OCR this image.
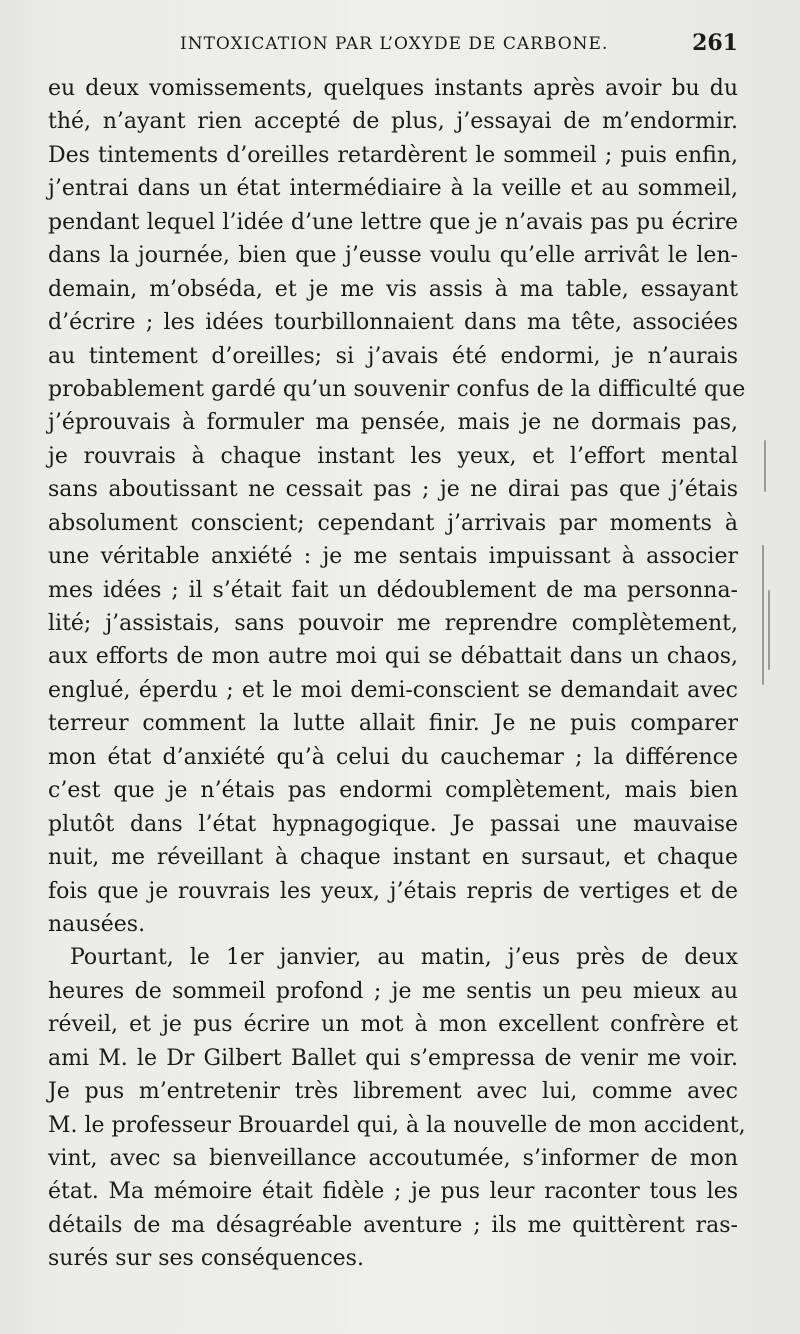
INTOXICATION PAR L’OXYDE DE CARBONE.	261
eu deux vomissements, quelques instants après avoir bu du
thé, n’ayant rien accepté de plus, j’essayai de m’endormir.
Des tintements d’oreilles retardèrent le sommeil ; puis enfin,
j’entrai dans un état intermédiaire à la veille et au sommeil,
pendant lequel l’idée d’une lettre que je n’avais pas pu écrire
dans la journée, bien que j’eusse voulu qu’elle arrivât le len-
demain, m’obséda, et je me vis assis à ma table, essayant
d’écrire ; les idées tourbillonnaient dans ma tête, associées
au tintement d’oreilles; si j’avais été endormi, je n’aurais
probablement gardé qu’un souvenir confus de la difficulté que
j’éprouvais à formuler ma pensée, mais je ne dormais pas,
je rouvrais à chaque instant les yeux, et l’effort mental
sans aboutissant ne cessait pas ; je ne dirai pas que j’étais
absolument conscient; cependant j’arrivais par moments à
une véritable anxiété : je me sentais impuissant à associer
mes idées ; il s’était fait un dédoublement de ma personna-
lité; j’assistais, sans pouvoir me reprendre complètement,
aux efforts de mon autre moi qui se débattait dans un chaos,
englué, éperdu ; et le moi demi-conscient se demandait avec
terreur comment la lutte allait finir. Je ne puis comparer
mon état d’anxiété qu’à celui du cauchemar ; la différence
c’est que je n’étais pas endormi complètement, mais bien
plutôt dans l’état hypnagogique. Je passai une mauvaise
nuit, me réveillant à chaque instant en sursaut, et chaque
fois que je rouvrais les yeux, j’étais repris de vertiges et de
nausées.
Pourtant, le 1er janvier, au matin, j’eus près de deux
heures de sommeil profond ; je me sentis un peu mieux au
réveil, et je pus écrire un mot à mon excellent confrère et
ami M. le Dr Gilbert Ballet qui s’empressa de venir me voir.
Je pus m’entretenir très librement avec lui, comme avec
M. le professeur Brouardel qui, à la nouvelle de mon accident,
vint, avec sa bienveillance accoutumée, s’informer de mon
état. Ma mémoire était fidèle ; je pus leur raconter tous les
détails de ma désagréable aventure ; ils me quittèrent ras-
surés sur ses conséquences.
